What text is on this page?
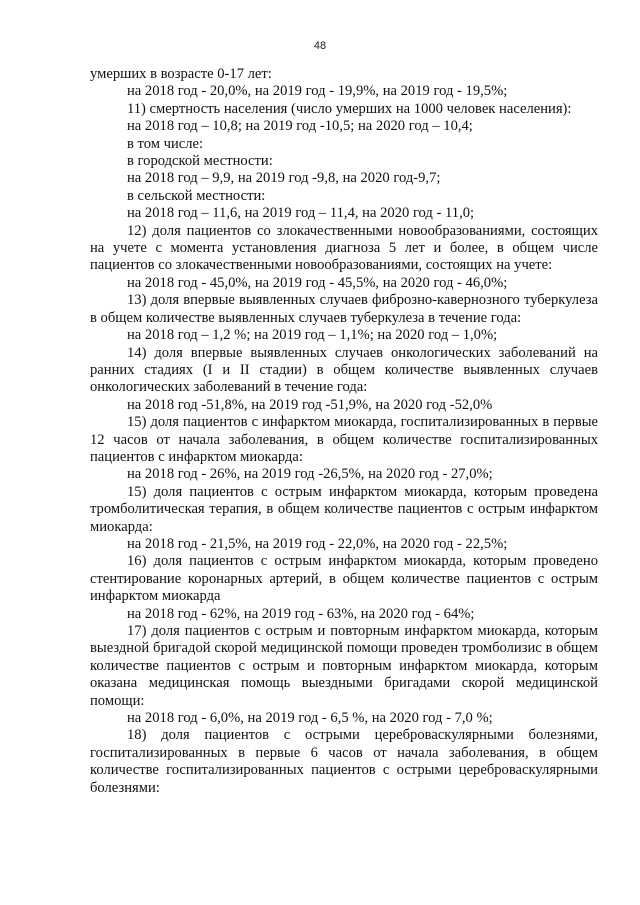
48

умерших в возрасте 0-17 лет:

на 2018 год - 20,0%, на 2019 год - 19,9%, на 2019 год - 19,5%;

11) смертность населения (число умерших на 1000 человек населения):

на 2018 год – 10,8; на 2019 год -10,5; на 2020 год – 10,4;

в том числе:

в городской местности:

на 2018 год – 9,9, на 2019 год -9,8, на 2020 год-9,7;

в сельской местности:

на 2018 год – 11,6, на 2019 год – 11,4, на 2020 год - 11,0;

12) доля пациентов со злокачественными новообразованиями, состоящих на учете с момента установления диагноза 5 лет и более, в общем числе пациентов со злокачественными новообразованиями, состоящих на учете:

на 2018 год - 45,0%, на 2019 год - 45,5%, на 2020 год - 46,0%;

13) доля впервые выявленных случаев фиброзно-кавернозного туберкулеза в общем количестве выявленных случаев туберкулеза в течение года:

на 2018 год – 1,2 %; на 2019 год – 1,1%; на 2020 год – 1,0%;

14) доля впервые выявленных случаев онкологических заболеваний на ранних стадиях (I и II стадии) в общем количестве выявленных случаев онкологических заболеваний в течение года:

на 2018 год -51,8%, на 2019 год -51,9%, на 2020 год -52,0%

15) доля пациентов с инфарктом миокарда, госпитализированных в первые 12 часов от начала заболевания, в общем количестве госпитализированных пациентов с инфарктом миокарда:

на 2018 год - 26%, на 2019 год -26,5%, на 2020 год - 27,0%;

15) доля пациентов с острым инфарктом миокарда, которым проведена тромболитическая терапия, в общем количестве пациентов с острым инфарктом миокарда:

на 2018 год - 21,5%, на 2019 год - 22,0%, на 2020 год - 22,5%;

16) доля пациентов с острым инфарктом миокарда, которым проведено стентирование коронарных артерий, в общем количестве пациентов с острым инфарктом миокарда

на 2018 год - 62%, на 2019 год - 63%, на 2020 год - 64%;

17) доля пациентов с острым и повторным инфарктом миокарда, которым выездной бригадой скорой медицинской помощи проведен тромболизис в общем количестве пациентов с острым и повторным инфарктом миокарда, которым оказана медицинская помощь выездными бригадами скорой медицинской помощи:

на 2018 год - 6,0%, на 2019 год - 6,5 %, на 2020 год - 7,0 %;

18) доля пациентов с острыми цереброваскулярными болезнями, госпитализированных в первые 6 часов от начала заболевания, в общем количестве госпитализированных пациентов с острыми цереброваскулярными болезнями:
